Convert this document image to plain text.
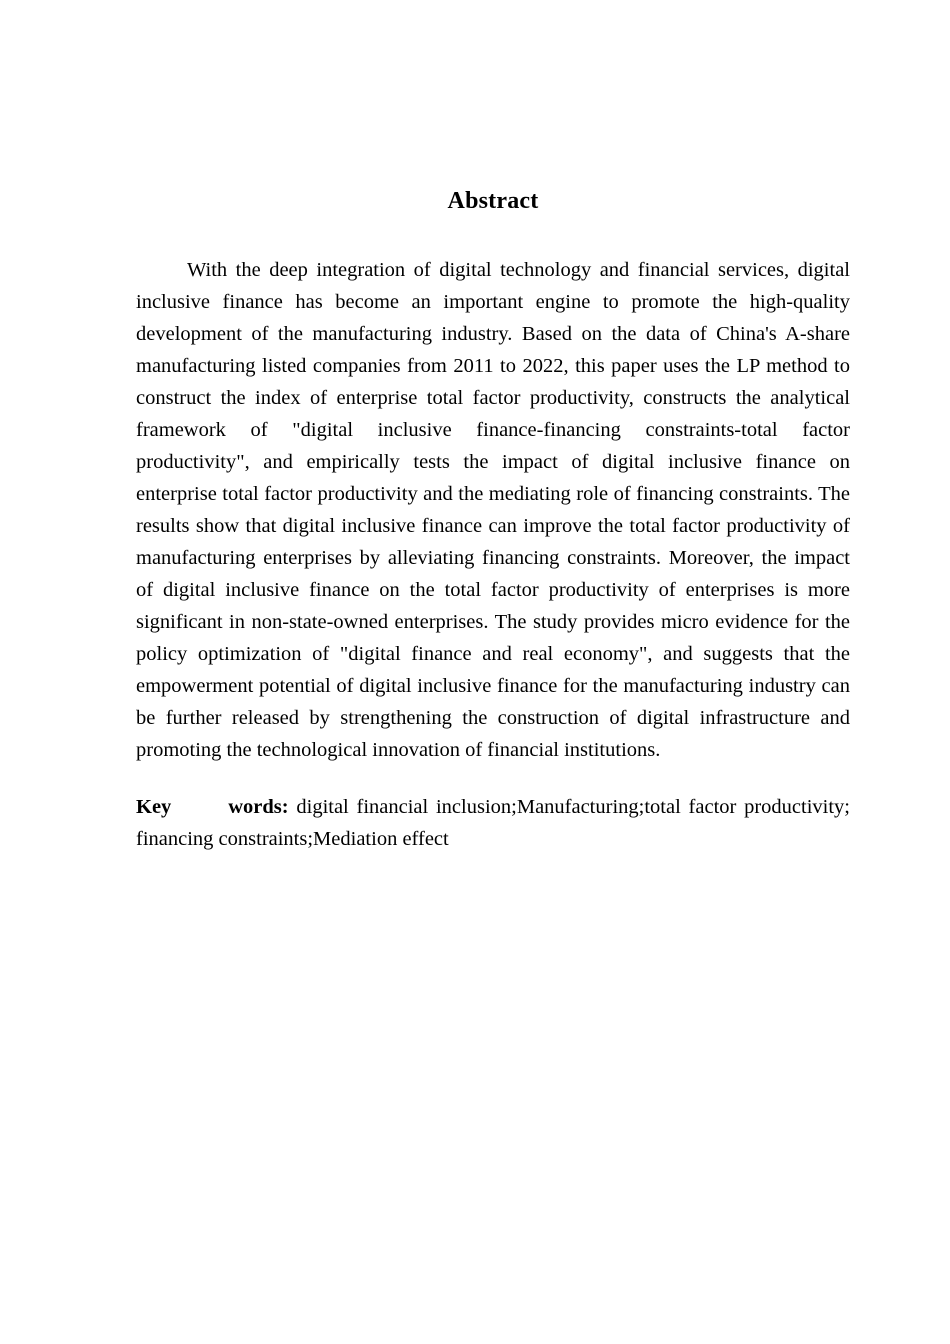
Abstract

With the deep integration of digital technology and financial services, digital inclusive finance has become an important engine to promote the high-quality development of the manufacturing industry. Based on the data of China's A-share manufacturing listed companies from 2011 to 2022, this paper uses the LP method to construct the index of enterprise total factor productivity, constructs the analytical framework of "digital inclusive finance-financing constraints-total factor productivity", and empirically tests the impact of digital inclusive finance on enterprise total factor productivity and the mediating role of financing constraints. The results show that digital inclusive finance can improve the total factor productivity of manufacturing enterprises by alleviating financing constraints. Moreover, the impact of digital inclusive finance on the total factor productivity of enterprises is more significant in non-state-owned enterprises. The study provides micro evidence for the policy optimization of "digital finance and real economy", and suggests that the empowerment potential of digital inclusive finance for the manufacturing industry can be further released by strengthening the construction of digital infrastructure and promoting the technological innovation of financial institutions.

Key words: digital financial inclusion;Manufacturing;total factor productivity;  financing constraints;Mediation effect
